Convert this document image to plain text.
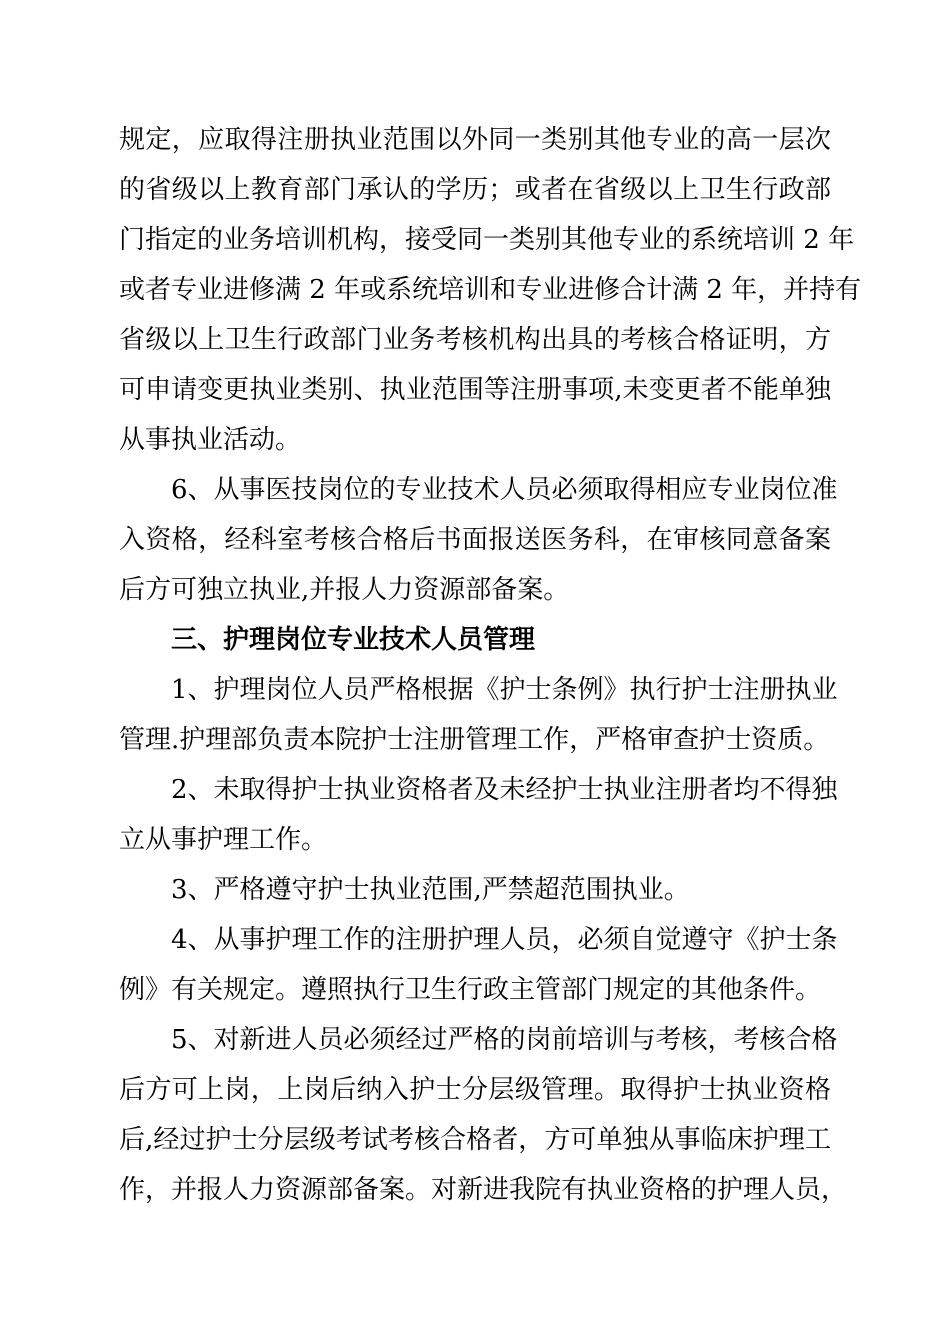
规定，应取得注册执业范围以外同一类别其他专业的高一层次
的省级以上教育部门承认的学历；或者在省级以上卫生行政部
门指定的业务培训机构，接受同一类别其他专业的系统培训 2 年
或者专业进修满 2 年或系统培训和专业进修合计满 2 年，并持有
省级以上卫生行政部门业务考核机构出具的考核合格证明，方
可申请变更执业类别、执业范围等注册事项,未变更者不能单独
从事执业活动。
6、从事医技岗位的专业技术人员必须取得相应专业岗位准
入资格，经科室考核合格后书面报送医务科，在审核同意备案
后方可独立执业,并报人力资源部备案。
三、护理岗位专业技术人员管理
1、护理岗位人员严格根据《护士条例》执行护士注册执业
管理.护理部负责本院护士注册管理工作，严格审查护士资质。
2、未取得护士执业资格者及未经护士执业注册者均不得独
立从事护理工作。
3、严格遵守护士执业范围,严禁超范围执业。
4、从事护理工作的注册护理人员，必须自觉遵守《护士条
例》有关规定。遵照执行卫生行政主管部门规定的其他条件。
5、对新进人员必须经过严格的岗前培训与考核，考核合格
后方可上岗，上岗后纳入护士分层级管理。取得护士执业资格
后,经过护士分层级考试考核合格者，方可单独从事临床护理工
作，并报人力资源部备案。对新进我院有执业资格的护理人员，
